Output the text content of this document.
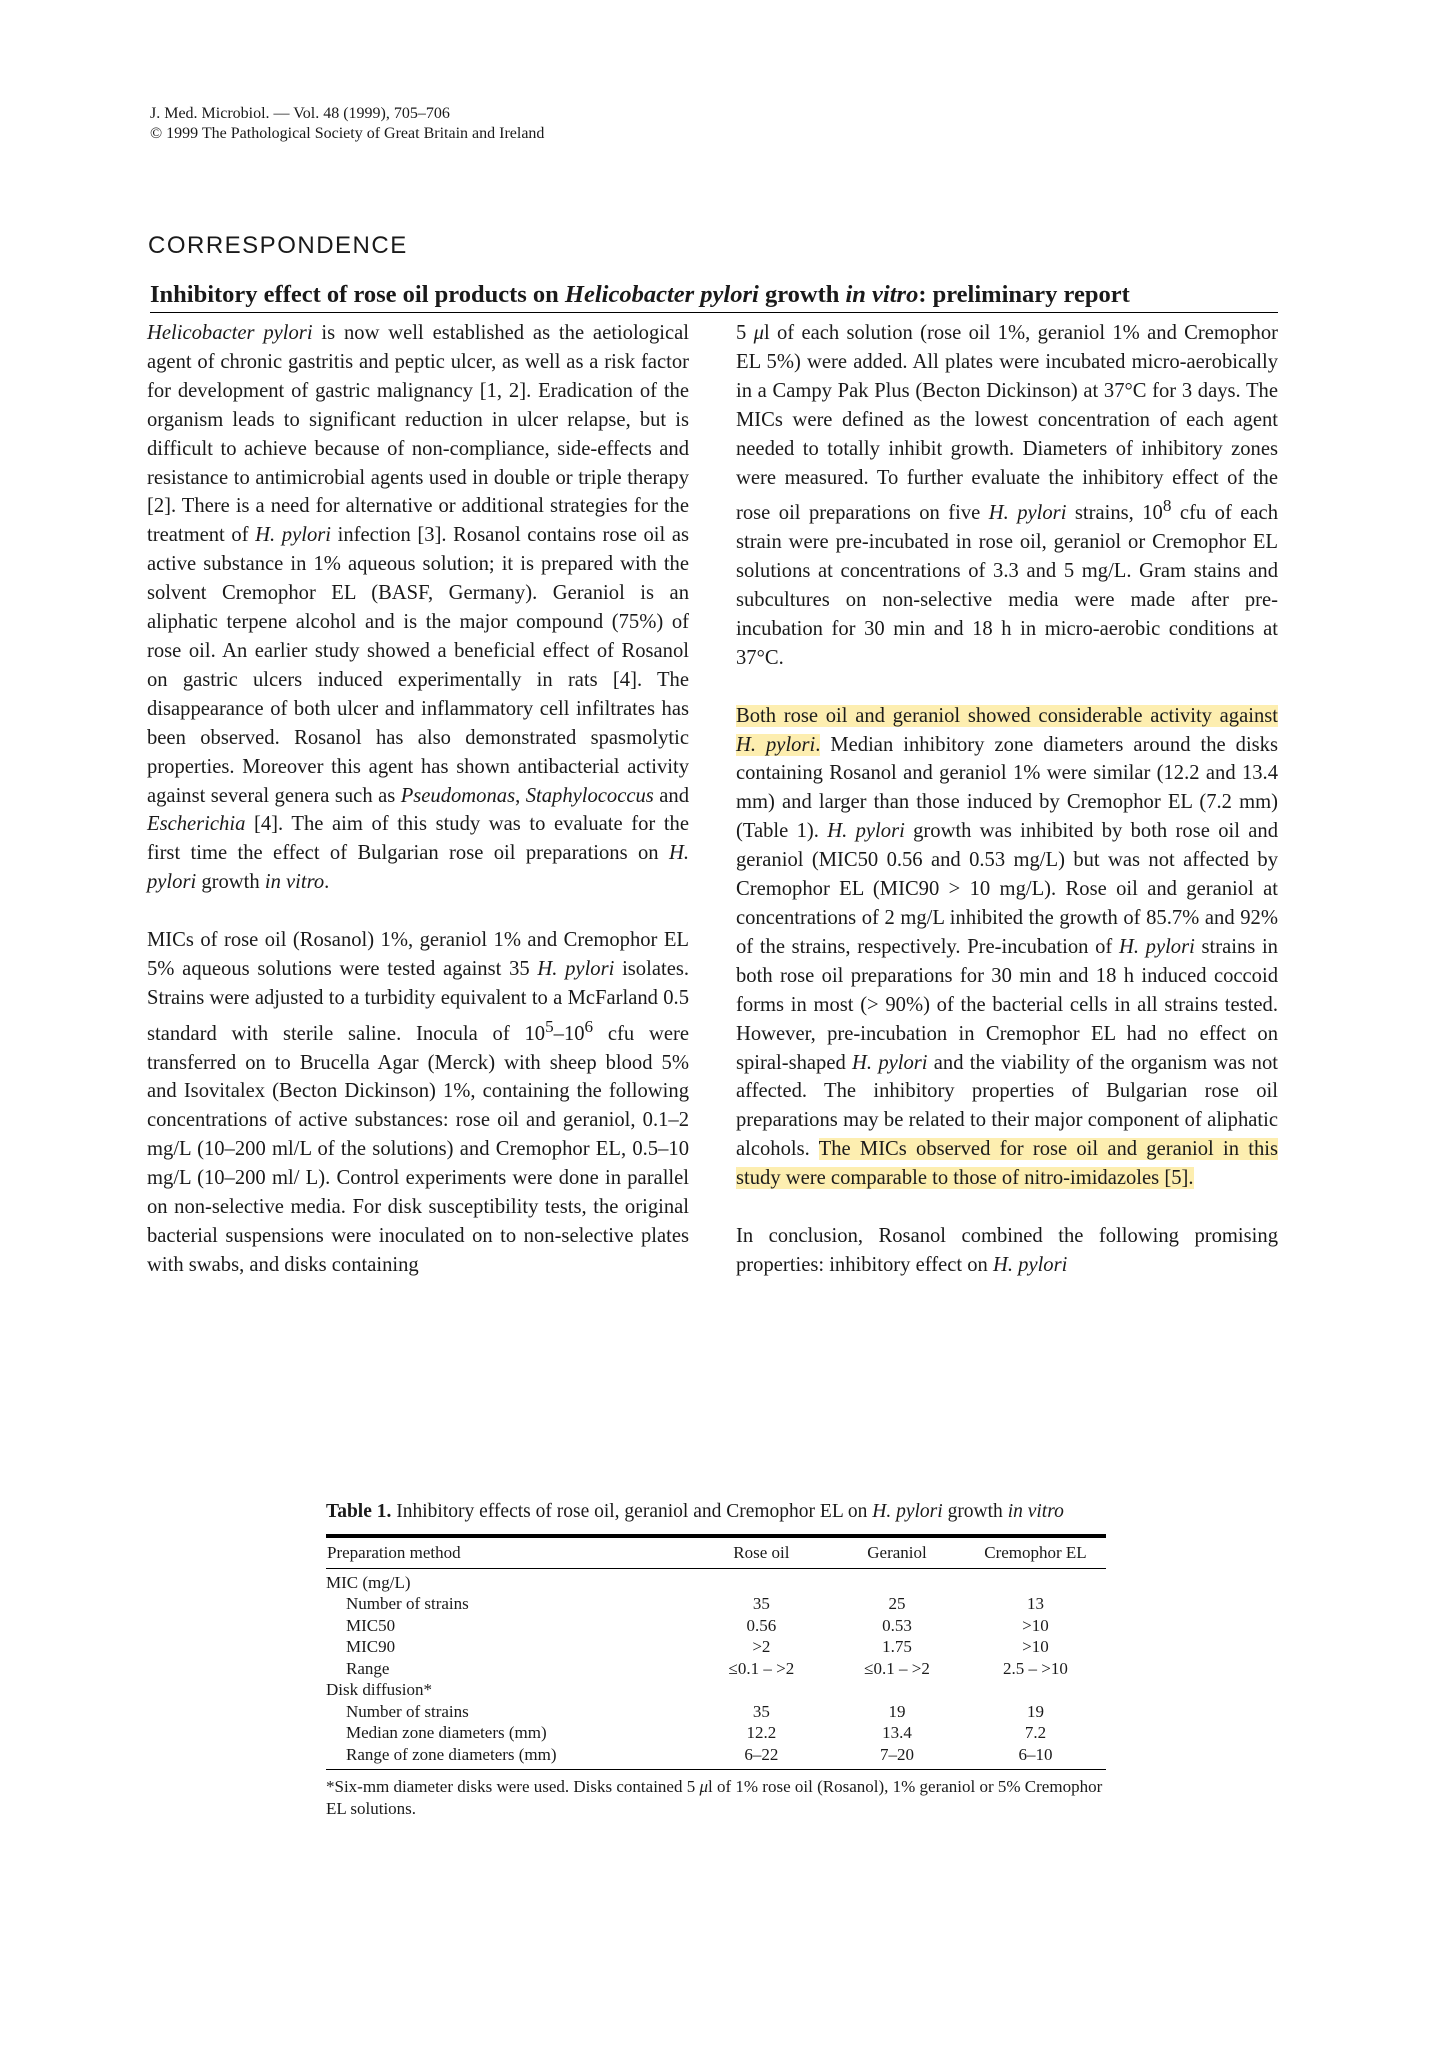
J. Med. Microbiol. — Vol. 48 (1999), 705–706
© 1999 The Pathological Society of Great Britain and Ireland
CORRESPONDENCE
Inhibitory effect of rose oil products on Helicobacter pylori growth in vitro: preliminary report

Helicobacter pylori is now well established as the aetiological agent of chronic gastritis and peptic ulcer, as well as a risk factor for development of gastric malignancy [1, 2]. Eradication of the organism leads to significant reduction in ulcer relapse, but is difficult to achieve because of non-compliance, side-effects and resistance to antimicrobial agents used in double or triple therapy [2]. There is a need for alternative or additional strategies for the treatment of H. pylori infection [3]. Rosanol contains rose oil as active substance in 1% aqueous solution; it is prepared with the solvent Cremophor EL (BASF, Germany). Geraniol is an aliphatic terpene alcohol and is the major compound (75%) of rose oil. An earlier study showed a beneficial effect of Rosanol on gastric ulcers induced experimentally in rats [4]. The disappearance of both ulcer and inflammatory cell infiltrates has been observed. Rosanol has also demonstrated spasmolytic properties. Moreover this agent has shown antibacterial activity against several genera such as Pseudomonas, Staphylococcus and Escherichia [4]. The aim of this study was to evaluate for the first time the effect of Bulgarian rose oil preparations on H. pylori growth in vitro.

MICs of rose oil (Rosanol) 1%, geraniol 1% and Cremophor EL 5% aqueous solutions were tested against 35 H. pylori isolates. Strains were adjusted to a turbidity equivalent to a McFarland 0.5 standard with sterile saline. Inocula of $10^5-10^6$ cfu were transferred on to Brucella Agar (Merck) with sheep blood 5% and Isovitalex (Becton Dickinson) 1%, containing the following concentrations of active substances: rose oil and geraniol, 0.1–2 mg/L (10–200 ml/L of the solutions) and Cremophor EL, 0.5–10 mg/L (10–200 ml/ L). Control experiments were done in parallel on non-selective media. For disk susceptibility tests, the original bacterial suspensions were inoculated on to non-selective plates with swabs, and disks containing

5 μl of each solution (rose oil 1%, geraniol 1% and Cremophor EL 5%) were added. All plates were incubated micro-aerobically in a Campy Pak Plus (Becton Dickinson) at 37°C for 3 days. The MICs were defined as the lowest concentration of each agent needed to totally inhibit growth. Diameters of inhibitory zones were measured. To further evaluate the inhibitory effect of the rose oil preparations on five H. pylori strains, $10^8$ cfu of each strain were pre-incubated in rose oil, geraniol or Cremophor EL solutions at concentrations of 3.3 and 5 mg/L. Gram stains and subcultures on non-selective media were made after pre-incubation for 30 min and 18 h in micro-aerobic conditions at 37°C.

Both rose oil and geraniol showed considerable activity against H. pylori. Median inhibitory zone diameters around the disks containing Rosanol and geraniol 1% were similar (12.2 and 13.4 mm) and larger than those induced by Cremophor EL (7.2 mm) (Table 1). H. pylori growth was inhibited by both rose oil and geraniol (MIC50 0.56 and 0.53 mg/L) but was not affected by Cremophor EL (MIC90 > 10 mg/L). Rose oil and geraniol at concentrations of 2 mg/L inhibited the growth of 85.7% and 92% of the strains, respectively. Pre-incubation of H. pylori strains in both rose oil preparations for 30 min and 18 h induced coccoid forms in most (> 90%) of the bacterial cells in all strains tested. However, pre-incubation in Cremophor EL had no effect on spiral-shaped H. pylori and the viability of the organism was not affected. The inhibitory properties of Bulgarian rose oil preparations may be related to their major component of aliphatic alcohols. The MICs observed for rose oil and geraniol in this study were comparable to those of nitro-imidazoles [5].

In conclusion, Rosanol combined the following promising properties: inhibitory effect on H. pylori

Table 1. Inhibitory effects of rose oil, geraniol and Cremophor EL on H. pylori growth in vitro

Preparation method	Rose oil	Geraniol	Cremophor EL
MIC (mg/L)			
Number of strains	35	25	13
MIC50	0.56	0.53	>10
MIC90	>2	1.75	>10
Range	≤0.1 – >2	≤0.1 – >2	2.5 – >10
Disk diffusion*			
Number of strains	35	19	19
Median zone diameters (mm)	12.2	13.4	7.2
Range of zone diameters (mm)	6–22	7–20	6–10
*Six-mm diameter disks were used. Disks contained 5 μl of 1% rose oil (Rosanol), 1% geraniol or 5% Cremophor EL solutions.
